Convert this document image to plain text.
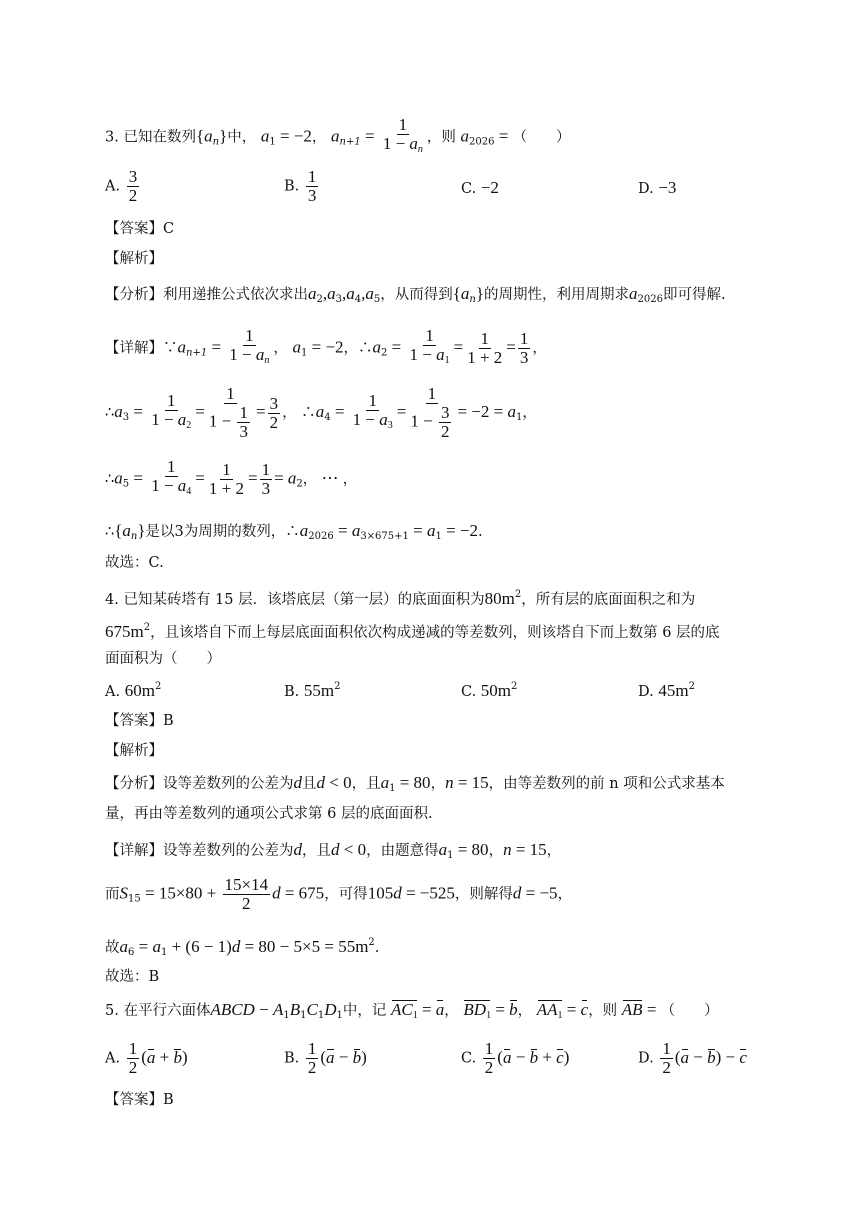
3. 已知在数列$\{a_n\}$中， $a_1 = -2$， $a_{n+1} = \frac{1}{1 - a_n}$ ，则 $a_{2026}$ = （　　）
A. $\frac{3}{2}$	B. $\frac{1}{3}$	C. −2	D. −3
【答案】C
【解析】
【分析】利用递推公式依次求出$a_2,a_3,a_4,a_5$，从而得到$\{a_n\}$的周期性，利用周期求$a_{2026}$即可得解.
【详解】$\because a_{n+1} = \frac{1}{1 - a_n}$ ， $a_1 = -2$，$\therefore a_2 = \frac{1}{1 - a_1} = \frac{1}{1 + 2} = \frac{1}{3}$ ，
$\therefore a_3 = \frac{1}{1 - a_2} = \frac{1}{1 - \frac{1}{3}} = \frac{3}{2}$ ， $\therefore a_4 = \frac{1}{1 - a_3} = \frac{1}{1 - \frac{3}{2}} = -2 = a_1$，
$\therefore a_5 = \frac{1}{1 - a_4} = \frac{1}{1 + 2} = \frac{1}{3} = a_2$， ⋯ ，
$\therefore\{a_n\}$是以3为周期的数列，$\therefore a_{2026} = a_{3\times 675+1} = a_1 = -2$.
故选：C.
4. 已知某砖塔有 15 层．该塔底层（第一层）的底面面积为$80m^2$，所有层的底面面积之和为
$675m^2$，且该塔自下而上每层底面面积依次构成递减的等差数列，则该塔自下而上数第 6 层的底
面面积为（　　）
A. $60m^2$	B. $55m^2$	C. $50m^2$	D. $45m^2$
【答案】B
【解析】
【分析】设等差数列的公差为d且d < 0，且$a_1 = 80$，n = 15，由等差数列的前 n 项和公式求基本
量，再由等差数列的通项公式求第 6 层的底面面积.
【详解】设等差数列的公差为d，且d < 0，由题意得$a_1 = 80$，n = 15，
而$S_{15} = 15\times 80 + \frac{15\times 14}{2}$ d = 675，可得105d = −525，则解得d = −5，
故$a_6 = a_1 + (6 - 1)d = 80 - 5\times 5 = 55m^2$.
故选：B
5. 在平行六面体ABCD − $A_1B_1C_1D_1$中，记 $AC_1 = a$， $BD_1 = b$， $AA_1 = c$，则 AB = （　　）
A. $\frac{1}{2} (a + b)$	B. $\frac{1}{2} (a - b)$	C. $\frac{1}{2} (a - b + c)$	D. $\frac{1}{2} (a - b) - c$
【答案】B
